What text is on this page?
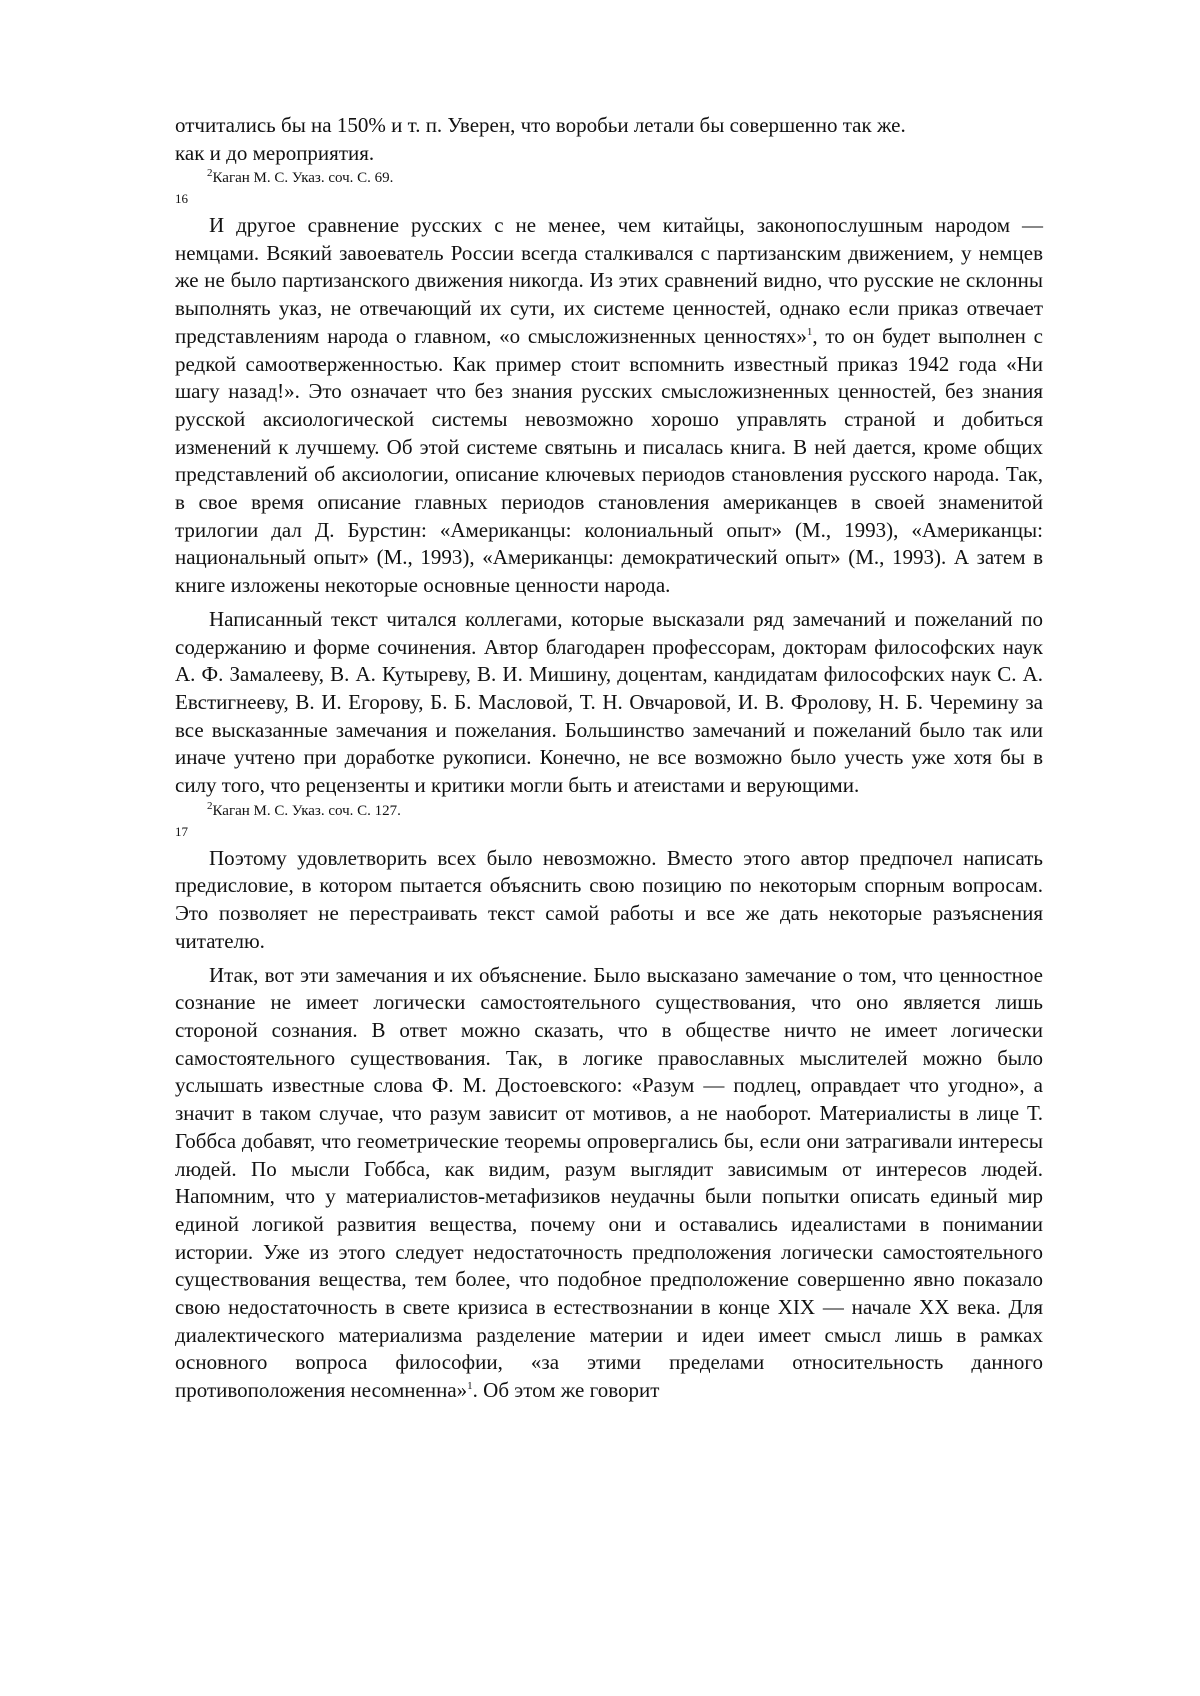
отчитались бы на 150% и т. п. Уверен, что воробьи летали бы совершенно так же.
как и до мероприятия.
$^2$Каган М. С. Указ. соч. С. 69.
16

И другое сравнение русских с не менее, чем китайцы, законопослушным народом — немцами. Всякий завоеватель России всегда сталкивался с партизанским движением, у немцев же не было партизанского движения никогда. Из этих сравнений видно, что русские не склонны выполнять указ, не отвечающий их сути, их системе ценностей, однако если приказ отвечает представлениям народа о главном, «о смысложизненных ценностях»$^1$, то он будет выполнен с редкой самоотверженностью. Как пример стоит вспомнить известный приказ 1942 года «Ни шагу назад!». Это означает что без знания русских смысложизненных ценностей, без знания русской аксиологической системы невозможно хорошо управлять страной и добиться изменений к лучшему. Об этой системе святынь и писалась книга. В ней дается, кроме общих представлений об аксиологии, описание ключевых периодов становления русского народа. Так, в свое время описание главных периодов становления американцев в своей знаменитой трилогии дал Д. Бурстин: «Американцы: колониальный опыт» (М., 1993), «Американцы: национальный опыт» (М., 1993), «Американцы: демократический опыт» (М., 1993). А затем в книге изложены некоторые основные ценности народа.

Написанный текст читался коллегами, которые высказали ряд замечаний и пожеланий по содержанию и форме сочинения. Автор благодарен профессорам, докторам философских наук А. Ф. Замалееву, В. А. Кутыреву, В. И. Мишину, доцентам, кандидатам философских наук С. А. Евстигнееву, В. И. Егорову, Б. Б. Масловой, Т. Н. Овчаровой, И. В. Фролову, Н. Б. Черемину за все высказанные замечания и пожелания. Большинство замечаний и пожеланий было так или иначе учтено при доработке рукописи. Конечно, не все возможно было учесть уже хотя бы в силу того, что рецензенты и критики могли быть и атеистами и верующими.

$^2$Каган М. С. Указ. соч. С. 127.
17

Поэтому удовлетворить всех было невозможно. Вместо этого автор предпочел написать предисловие, в котором пытается объяснить свою позицию по некоторым спорным вопросам. Это позволяет не перестраивать текст самой работы и все же дать некоторые разъяснения читателю.

Итак, вот эти замечания и их объяснение. Было высказано замечание о том, что ценностное сознание не имеет логически самостоятельного существования, что оно является лишь стороной сознания. В ответ можно сказать, что в обществе ничто не имеет логически самостоятельного существования. Так, в логике православных мыслителей можно было услышать известные слова Ф. М. Достоевского: «Разум — подлец, оправдает что угодно», а значит в таком случае, что разум зависит от мотивов, а не наоборот. Материалисты в лице Т. Гоббса добавят, что геометрические теоремы опровергались бы, если они затрагивали интересы людей. По мысли Гоббса, как видим, разум выглядит зависимым от интересов людей. Напомним, что у материалистов-метафизиков неудачны были попытки описать единый мир единой логикой развития вещества, почему они и оставались идеалистами в понимании истории. Уже из этого следует недостаточность предположения логически самостоятельного существования вещества, тем более, что подобное предположение совершенно явно показало свою недостаточность в свете кризиса в естествознании в конце XIX — начале XX века. Для диалектического материализма разделение материи и идеи имеет смысл лишь в рамках основного вопроса философии, «за этими пределами относительность данного противоположения несомненна»$^1$. Об этом же говорит
